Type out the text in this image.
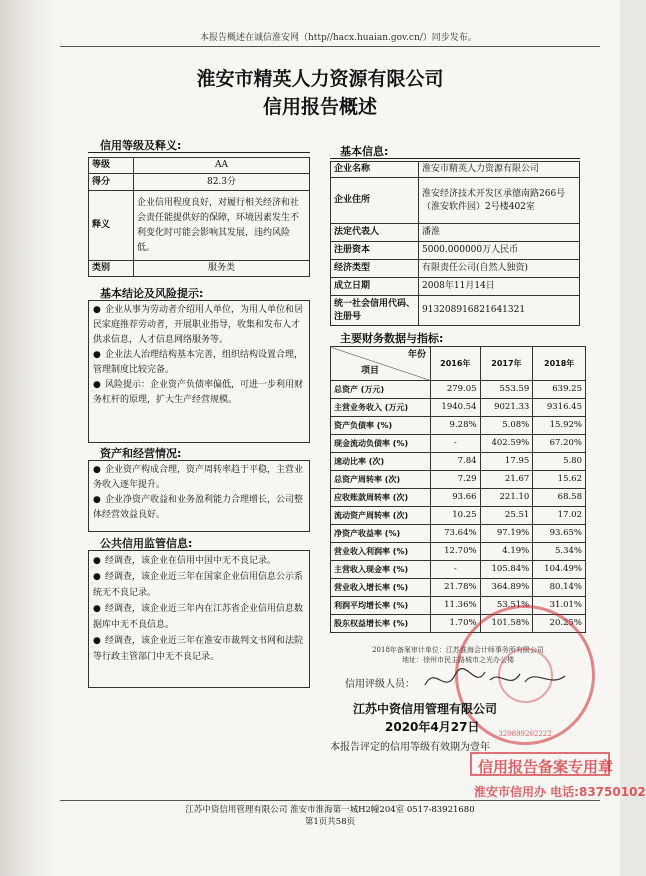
本报告概述在诚信淮安网（http//hacx.huaian.gov.cn/）同步发布。
淮安市精英人力资源有限公司
信用报告概述
信用等级及释义:
等级	AA
得分	82.3分
释义	企业信用程度良好，对履行相关经济和社会责任能提供好的保障，环境因素发生不利变化时可能会影响其发展，违约风险低。
类别	服务类
基本结论及风险提示:

● 企业从事为劳动者介绍用人单位，为用人单位和居民家庭推荐劳动者，开展职业指导，收集和发布人才供求信息，人才信息网络服务等。

● 企业法人治理结构基本完善，组织结构设置合理，管理制度比较完备。

● 风险提示：企业资产负债率偏低，可进一步利用财务杠杆的原理，扩大生产经营规模。

资产和经营情况:

● 企业资产构成合理，资产周转率趋于平稳，主营业务收入逐年提升。

● 企业净资产收益和业务盈利能力合理增长，公司整体经营效益良好。

公共信用监管信息:

● 经调查，该企业在信用中国中无不良记录。

● 经调查，该企业近三年在国家企业信用信息公示系统无不良记录。

● 经调查，该企业近三年内在江苏省企业信用信息数据库中无不良信息。

● 经调查，该企业近三年在淮安市裁判文书网和法院等行政主管部门中无不良记录。

基本信息:
企业名称	淮安市精英人力资源有限公司
企业住所	淮安经济技术开发区承德南路266号（淮安软件园）2号楼402室
法定代表人	潘淮
注册资本	5000.000000万人民币
经济类型	有限责任公司(自然人独资)
成立日期	2008年11月14日
统一社会信用代码、注册号	913208916821641321
主要财务数据与指标:
年份
项目	2016年	2017年	2018年
总资产 (万元)	279.05	553.59	639.25
主营业务收入 (万元)	1940.54	9021.33	9316.45
资产负债率 (%)	9.28%	5.08%	15.92%
现金流动负债率 (%)	-	402.59%	67.20%
速动比率 (次)	7.84	17.95	5.80
总资产周转率 (次)	7.29	21.67	15.62
应收账款周转率 (次)	93.66	221.10	68.58
流动资产周转率 (次)	10.25	25.51	17.02
净资产收益率 (%)	73.64%	97.19%	93.65%
营业收入利润率 (%)	12.70%	4.19%	5.34%
主营收入现金率 (%)	-	105.84%	104.49%
营业收入增长率 (%)	21.78%	364.89%	80.14%
利润平均增长率 (%)	11.36%	53.51%	31.01%
股东权益增长率 (%)	1.70%	101.58%	20.25%
2018年备案审计单位：江苏淮海会计师事务所有限公司
地址：徐州市民主路城市之光办公楼
信用评级人员：
江苏中资信用管理有限公司
2020年4月27日
本报告评定的信用等级有效期为壹年
320899202222
信用报告备案专用章
淮安市信用办 电话:83750102
江苏中资信用管理有限公司 淮安市淮海第一城H2幢204室 0517-83921680
第1页共58页
